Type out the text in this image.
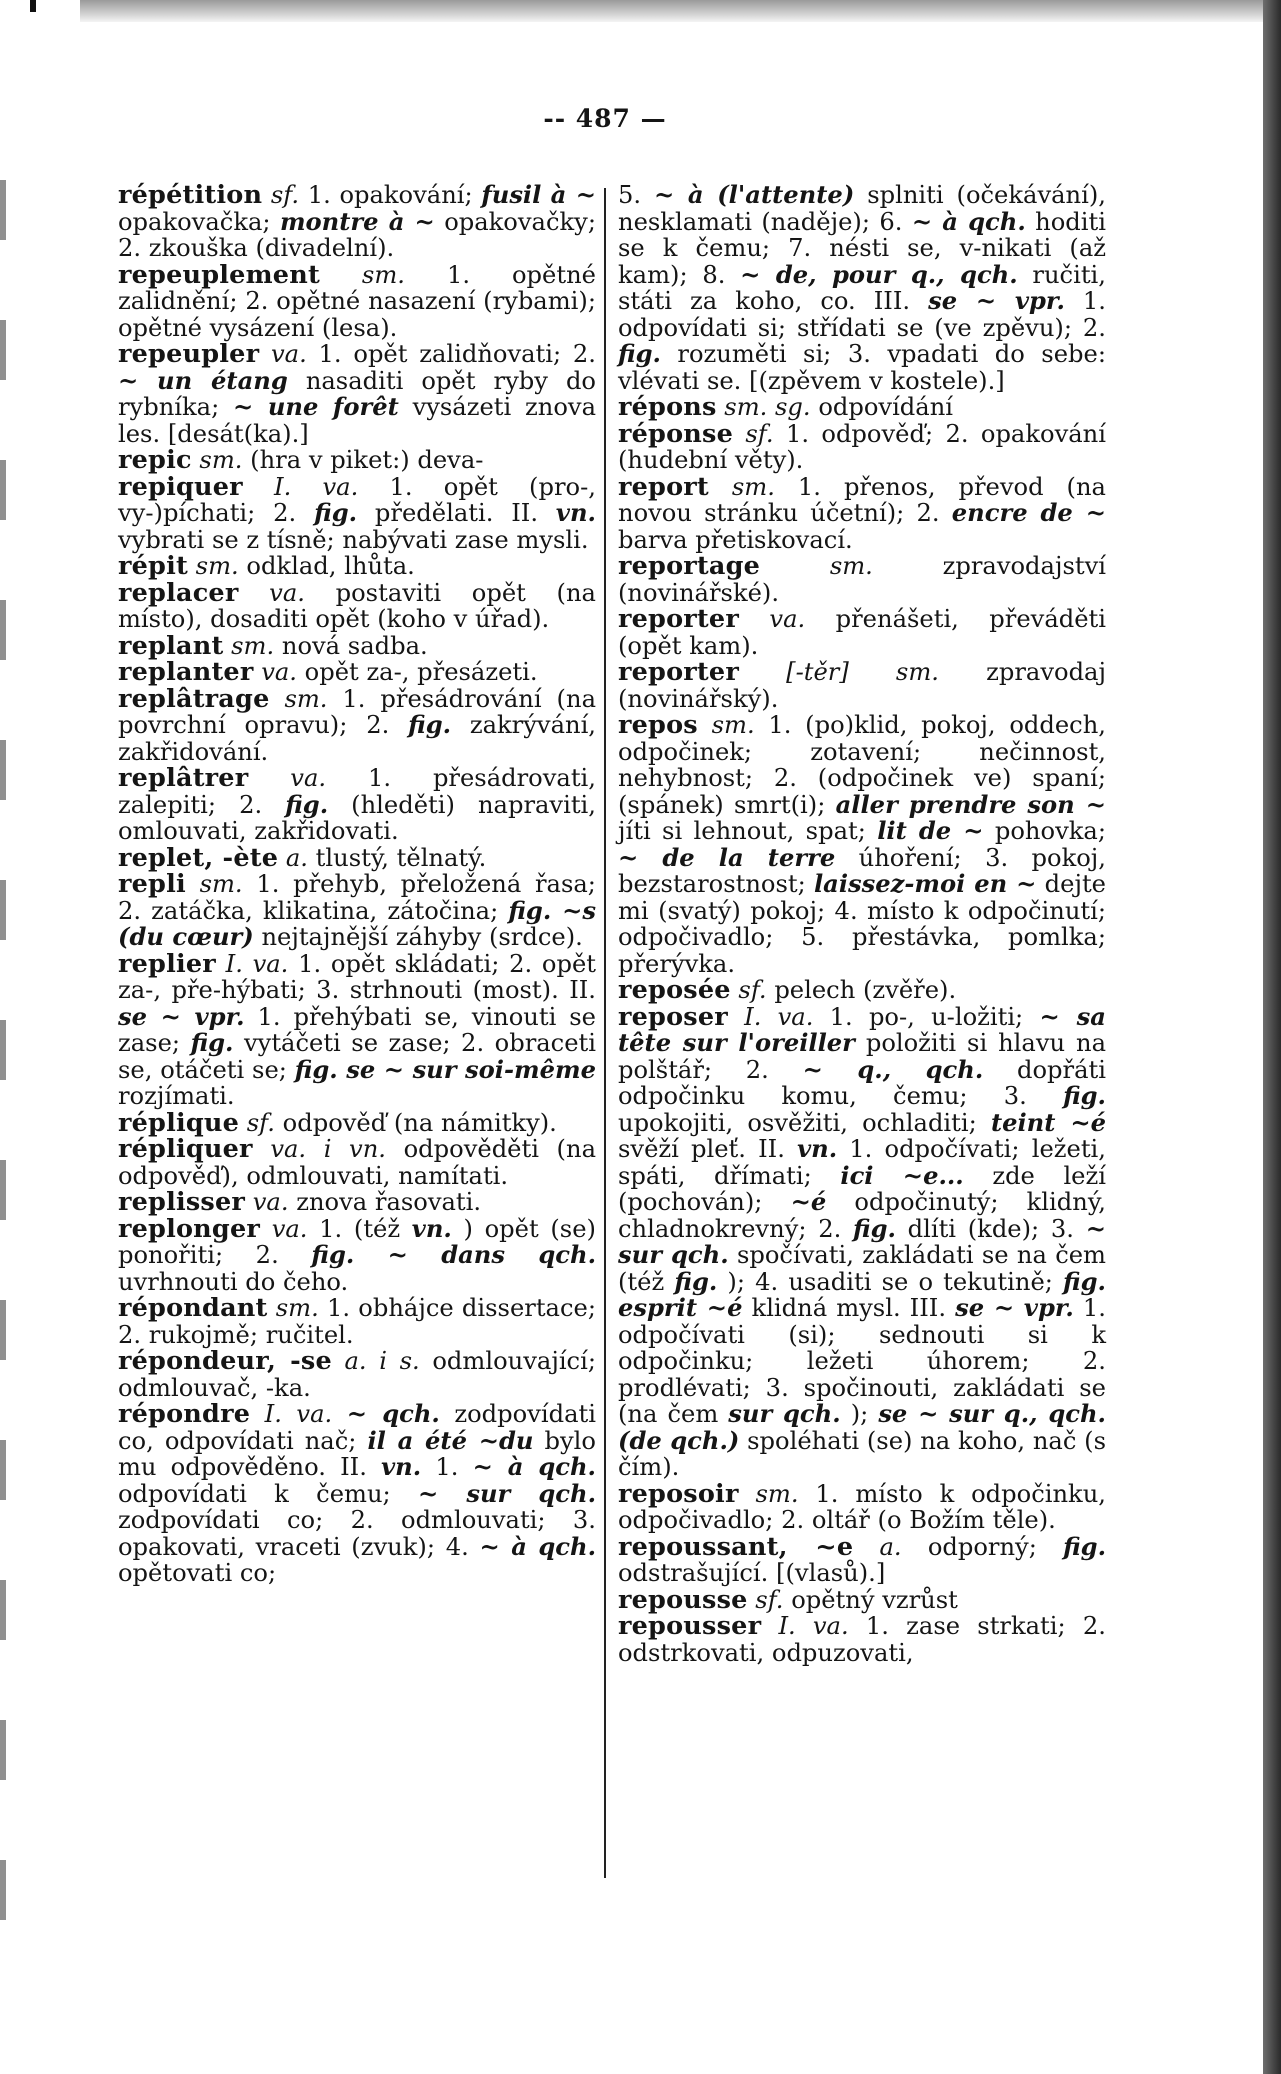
-- 487 —

répétition sf. 1. opakování; fusil à ~ opakovačka; montre à ~ opakovačky; 2. zkouška (divadelní).

repeuplement sm. 1. opětné zalidnění; 2. opětné nasazení (rybami); opětné vysázení (lesa).

repeupler va. 1. opět zalidňovati; 2. ~ un étang nasaditi opět ryby do rybníka; ~ une forêt vysázeti znova les. [desát(ka).]

repic sm. (hra v piket:) deva-

repiquer I. va. 1. opět (pro-, vy-)píchati; 2. fig. předělati. II. vn. vybrati se z tísně; nabývati zase mysli.

répit sm. odklad, lhůta.

replacer va. postaviti opět (na místo), dosaditi opět (koho v úřad).

replant sm. nová sadba.

replanter va. opět za-, přesázeti.

replâtrage sm. 1. přesádrování (na povrchní opravu); 2. fig. zakrývání, zakřidování.

replâtrer va. 1. přesádrovati, zalepiti; 2. fig. (hleděti) napraviti, omlouvati, zakřidovati.

replet, -ète a. tlustý, tělnatý.

repli sm. 1. přehyb, přeložená řasa; 2. zatáčka, klikatina, zátočina; fig. ~s (du cœur) nejtajnější záhyby (srdce).

replier I. va. 1. opět skládati; 2. opět za-, pře-hýbati; 3. strhnouti (most). II. se ~ vpr. 1. přehýbati se, vinouti se zase; fig. vytáčeti se zase; 2. obraceti se, otáčeti se; fig. se ~ sur soi-même rozjímati.

réplique sf. odpověď (na námitky).

répliquer va. i vn. odpověděti (na odpověď), odmlouvati, namítati.

replisser va. znova řasovati.

replonger va. 1. (též vn. ) opět (se) ponořiti; 2. fig. ~ dans qch. uvrhnouti do čeho.

répondant sm. 1. obhájce dissertace; 2. rukojmě; ručitel.

répondeur, -se a. i s. odmlouvající; odmlouvač, -ka.

répondre I. va. ~ qch. zodpovídati co, odpovídati nač; il a été ~du bylo mu odpověděno. II. vn. 1. ~ à qch. odpovídati k čemu; ~ sur qch. zodpovídati co; 2. odmlouvati; 3. opakovati, vraceti (zvuk); 4. ~ à qch. opětovati co;

5. ~ à (l'attente) splniti (očekávání), nesklamati (naděje); 6. ~ à qch. hoditi se k čemu; 7. nésti se, v-nikati (až kam); 8. ~ de, pour q., qch. ručiti, státi za koho, co. III. se ~ vpr. 1. odpovídati si; střídati se (ve zpěvu); 2. fig. rozuměti si; 3. vpadati do sebe: vlévati se. [(zpěvem v kostele).]

répons sm. sg. odpovídání

réponse sf. 1. odpověď; 2. opakování (hudební věty).

report sm. 1. přenos, převod (na novou stránku účetní); 2. encre de ~ barva přetiskovací.

reportage	sm.	zpravodajství (novinářské).

reporter va. přenášeti, převáděti (opět kam).

reporter [-těr] sm. zpravodaj (novinářský).

repos sm. 1. (po)klid, pokoj, oddech, odpočinek; zotavení; nečinnost, nehybnost; 2. (odpočinek ve) spaní; (spánek) smrt(i); aller prendre son ~ jíti si lehnout, spat; lit de ~ pohovka; ~ de la terre úhoření; 3. pokoj, bezstarostnost; laissez-moi en ~ dejte mi (svatý) pokoj; 4. místo k odpočinutí; odpočivadlo; 5. přestávka, pomlka; přerývka.

reposée sf. pelech (zvěře).

reposer I. va. 1. po-, u-ložiti; ~ sa tête sur l'oreiller položiti si hlavu na polštář; 2. ~ q., qch. dopřáti odpočinku komu, čemu; 3. fig. upokojiti, osvěžiti, ochladiti; teint ~é svěží pleť. II. vn. 1. odpočívati; ležeti, spáti, dřímati; ici ~e... zde leží (pochován); ~é odpočinutý; klidný, chladnokrevný; 2. fig. dlíti (kde); 3. ~ sur qch. spočívati, zakládati se na čem (též fig. ); 4. usaditi se o tekutině; fig. esprit ~é klidná mysl. III. se ~ vpr. 1. odpočívati (si); sednouti si k odpočinku; ležeti úhorem; 2. prodlévati; 3. spočinouti, zakládati se (na čem sur qch. ); se ~ sur q., qch. (de qch.) spoléhati (se) na koho, nač (s čím).

reposoir sm. 1. místo k odpočinku, odpočivadlo; 2. oltář (o Božím těle).

repoussant, ~e a. odporný; fig. odstrašující. [(vlasů).]

repousse sf. opětný vzrůst

repousser I. va. 1. zase strkati; 2. odstrkovati, odpuzovati,
